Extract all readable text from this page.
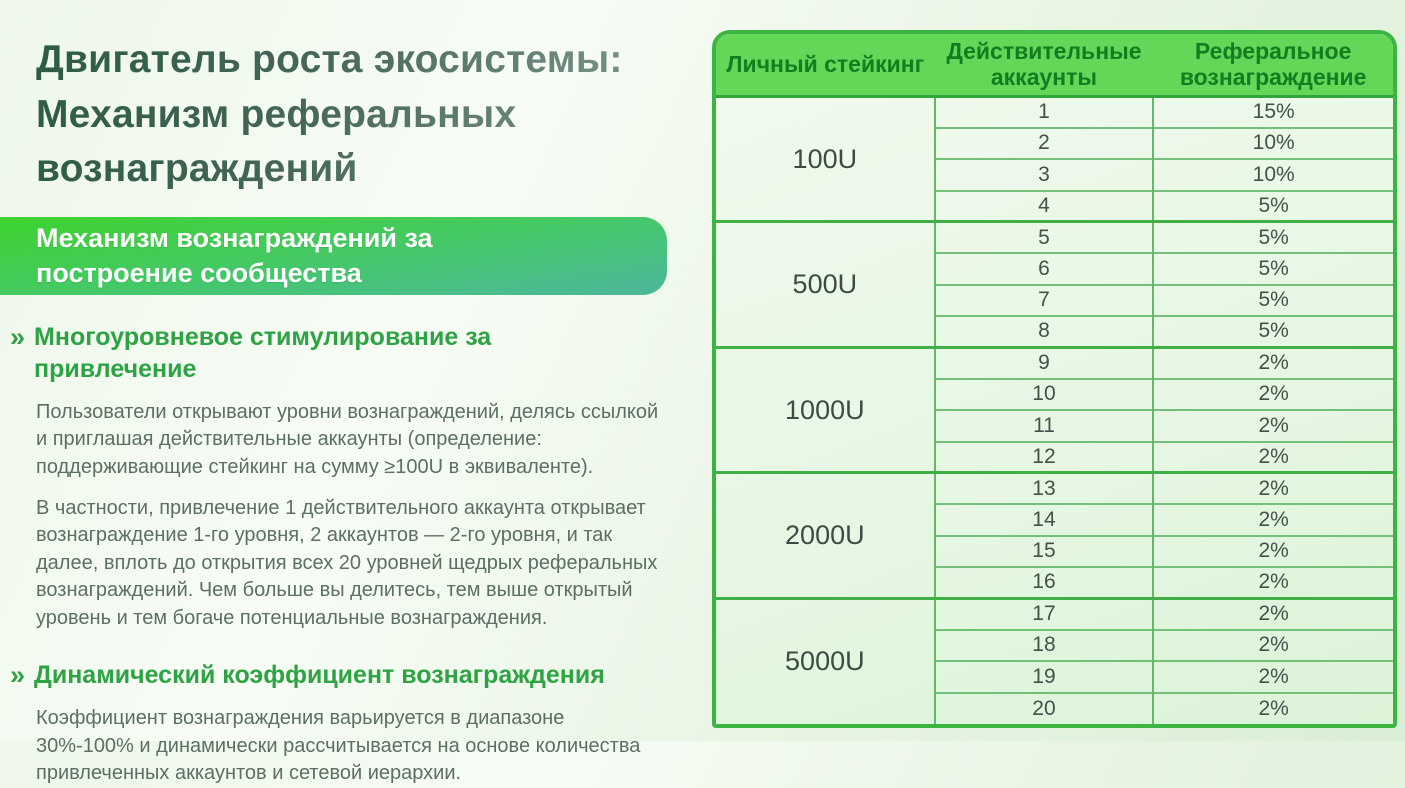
Двигатель роста экосистемы: Механизм реферальных вознаграждений
Механизм вознаграждений за построение сообщества
» Многоуровневое стимулирование за привлечение

Пользователи открывают уровни вознаграждений, делясь ссылкой и приглашая действительные аккаунты (определение: поддерживающие стейкинг на сумму ≥100U в эквиваленте).

В частности, привлечение 1 действительного аккаунта открывает вознаграждение 1-го уровня, 2 аккаунтов — 2-го уровня, и так далее, вплоть до открытия всех 20 уровней щедрых реферальных вознаграждений. Чем больше вы делитесь, тем выше открытый уровень и тем богаче потенциальные вознаграждения.

» Динамический коэффициент вознаграждения

Коэффициент вознаграждения варьируется в диапазоне 30%-100% и динамически рассчитывается на основе количества привлеченных аккаунтов и сетевой иерархии.

Личный стейкинг	Действительные аккаунты	Реферальное вознаграждение
100U	1	15%
	2	10%
	3	10%
	4	5%
500U	5	5%
	6	5%
	7	5%
	8	5%
1000U	9	2%
	10	2%
	11	2%
	12	2%
2000U	13	2%
	14	2%
	15	2%
	16	2%
5000U	17	2%
	18	2%
	19	2%
	20	2%
